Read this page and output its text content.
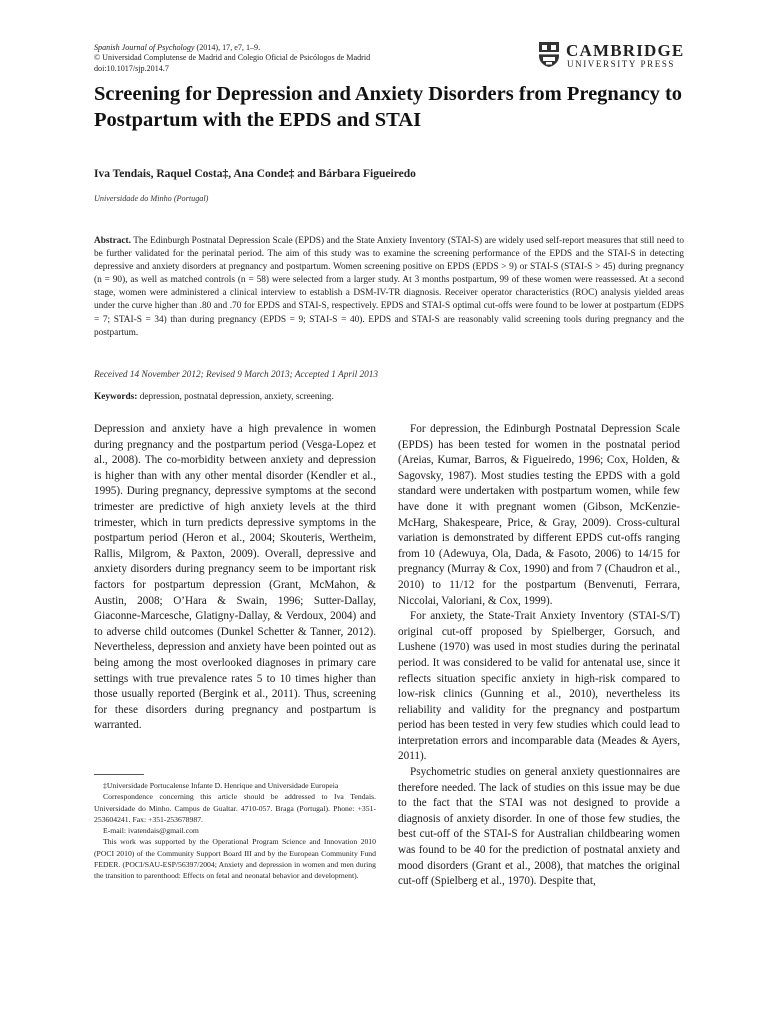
Spanish Journal of Psychology (2014), 17, e7, 1–9.
© Universidad Complutense de Madrid and Colegio Oficial de Psicólogos de Madrid
doi:10.1017/sjp.2014.7
CAMBRIDGE
UNIVERSITY PRESS
Screening for Depression and Anxiety Disorders from Pregnancy to Postpartum with the EPDS and STAI
Iva Tendais, Raquel Costa‡, Ana Conde‡ and Bárbara Figueiredo
Universidade do Minho (Portugal)
Abstract. The Edinburgh Postnatal Depression Scale (EPDS) and the State Anxiety Inventory (STAI-S) are widely used self-report measures that still need to be further validated for the perinatal period. The aim of this study was to examine the screening performance of the EPDS and the STAI-S in detecting depressive and anxiety disorders at pregnancy and postpartum. Women screening positive on EPDS (EPDS > 9) or STAI-S (STAI-S > 45) during pregnancy (n = 90), as well as matched controls (n = 58) were selected from a larger study. At 3 months postpartum, 99 of these women were reassessed. At a second stage, women were administered a clinical interview to establish a DSM-IV-TR diagnosis. Receiver operator characteristics (ROC) analysis yielded areas under the curve higher than .80 and .70 for EPDS and STAI-S, respectively. EPDS and STAI-S optimal cut-offs were found to be lower at postpartum (EDPS = 7; STAI-S = 34) than during pregnancy (EPDS = 9; STAI-S = 40). EPDS and STAI-S are reasonably valid screening tools during pregnancy and the postpartum.
Received 14 November 2012; Revised 9 March 2013; Accepted 1 April 2013
Keywords: depression, postnatal depression, anxiety, screening.

Depression and anxiety have a high prevalence in women during pregnancy and the postpartum period (Vesga-Lopez et al., 2008). The co-morbidity between anxiety and depression is higher than with any other mental disorder (Kendler et al., 1995). During pregnancy, depressive symptoms at the second trimester are predictive of high anxiety levels at the third trimester, which in turn predicts depressive symptoms in the postpartum period (Heron et al., 2004; Skouteris, Wertheim, Rallis, Milgrom, & Paxton, 2009). Overall, depressive and anxiety disorders during pregnancy seem to be important risk factors for postpartum depression (Grant, McMahon, & Austin, 2008; O’Hara & Swain, 1996; Sutter-Dallay, Giaconne-Marcesche, Glatigny-Dallay, & Verdoux, 2004) and to adverse child outcomes (Dunkel Schetter & Tanner, 2012). Nevertheless, depression and anxiety have been pointed out as being among the most overlooked diagnoses in primary care settings with true prevalence rates 5 to 10 times higher than those usually reported (Bergink et al., 2011). Thus, screening for these disorders during pregnancy and postpartum is warranted.

‡Universidade Portucalense Infante D. Henrique and Universidade Europeia

Correspondence concerning this article should be addressed to Iva Tendais. Universidade do Minho. Campus de Gualtar. 4710-057. Braga (Portugal). Phone: +351-253604241. Fax: +351-253678987.

E-mail: ivatendais@gmail.com

This work was supported by the Operational Program Science and Innovation 2010 (POCI 2010) of the Community Support Board III and by the European Community Fund FEDER. (POCI/SAU-ESP/56397/2004; Anxiety and depression in women and men during the transition to parenthood: Effects on fetal and neonatal behavior and development).

For depression, the Edinburgh Postnatal Depression Scale (EPDS) has been tested for women in the postnatal period (Areias, Kumar, Barros, & Figueiredo, 1996; Cox, Holden, & Sagovsky, 1987). Most studies testing the EPDS with a gold standard were undertaken with postpartum women, while few have done it with pregnant women (Gibson, McKenzie-McHarg, Shakespeare, Price, & Gray, 2009). Cross-cultural variation is demonstrated by different EPDS cut-offs ranging from 10 (Adewuya, Ola, Dada, & Fasoto, 2006) to 14/15 for pregnancy (Murray & Cox, 1990) and from 7 (Chaudron et al., 2010) to 11/12 for the postpartum (Benvenuti, Ferrara, Niccolai, Valoriani, & Cox, 1999).

For anxiety, the State-Trait Anxiety Inventory (STAI-S/T) original cut-off proposed by Spielberger, Gorsuch, and Lushene (1970) was used in most studies during the perinatal period. It was considered to be valid for antenatal use, since it reflects situation specific anxiety in high-risk compared to low-risk clinics (Gunning et al., 2010), nevertheless its reliability and validity for the pregnancy and postpartum period has been tested in very few studies which could lead to interpretation errors and incomparable data (Meades & Ayers, 2011).

Psychometric studies on general anxiety questionnaires are therefore needed. The lack of studies on this issue may be due to the fact that the STAI was not designed to provide a diagnosis of anxiety disorder. In one of those few studies, the best cut-off of the STAI-S for Australian childbearing women was found to be 40 for the prediction of postnatal anxiety and mood disorders (Grant et al., 2008), that matches the original cut-off (Spielberg et al., 1970). Despite that,
